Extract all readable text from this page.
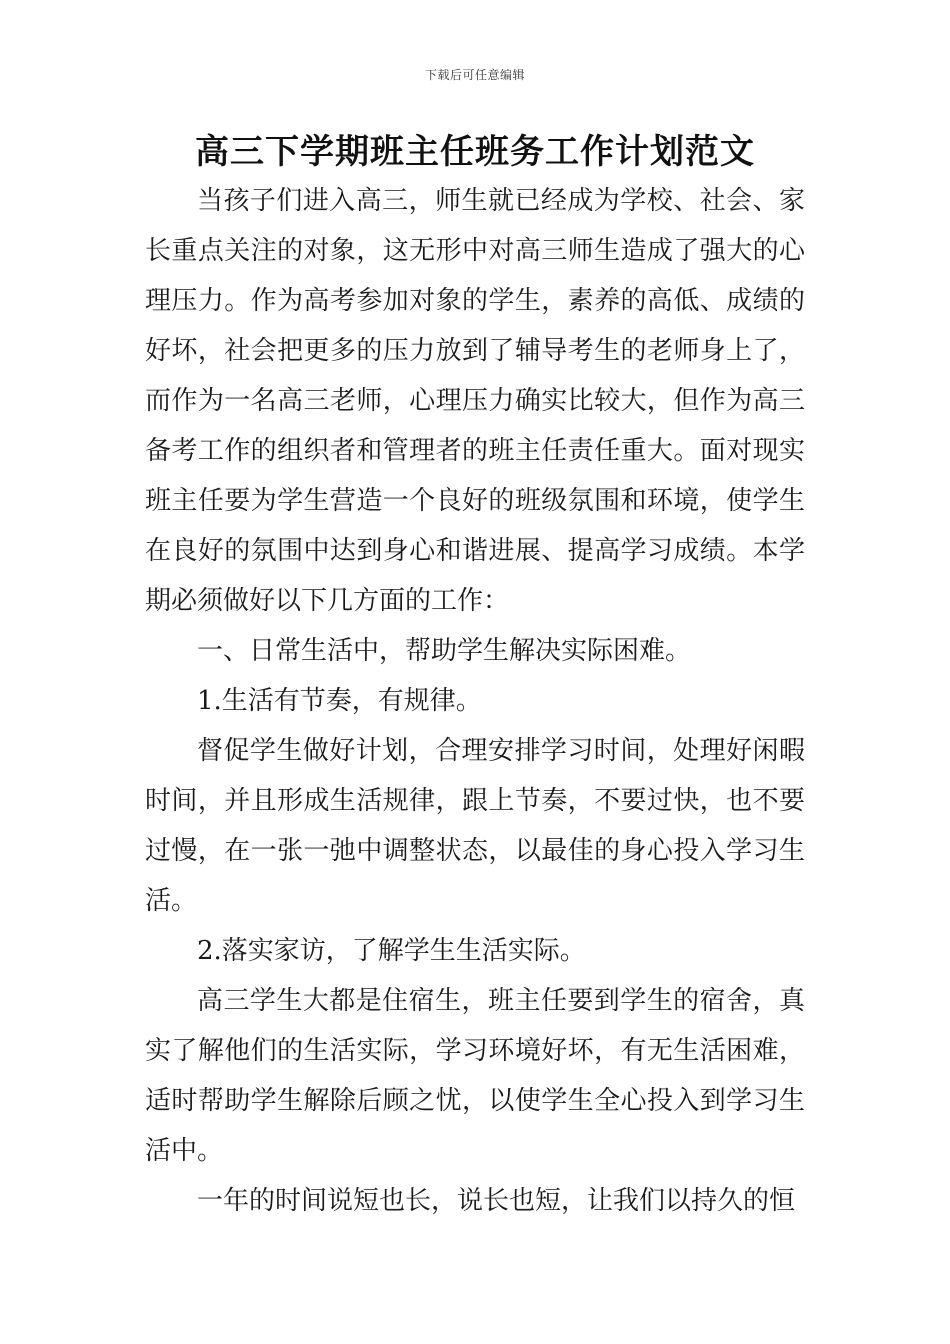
下载后可任意编辑
高三下学期班主任班务工作计划范文

当孩子们进入高三，师生就已经成为学校、社会、家长重点关注的对象，这无形中对高三师生造成了强大的心理压力。作为高考参加对象的学生，素养的高低、成绩的好坏，社会把更多的压力放到了辅导考生的老师身上了，而作为一名高三老师，心理压力确实比较大，但作为高三备考工作的组织者和管理者的班主任责任重大。面对现实班主任要为学生营造一个良好的班级氛围和环境，使学生在良好的氛围中达到身心和谐进展、提高学习成绩。本学期必须做好以下几方面的工作：

一、日常生活中，帮助学生解决实际困难。

1.生活有节奏，有规律。

督促学生做好计划，合理安排学习时间，处理好闲暇时间，并且形成生活规律，跟上节奏，不要过快，也不要过慢，在一张一弛中调整状态，以最佳的身心投入学习生活。

2.落实家访，了解学生生活实际。

高三学生大都是住宿生，班主任要到学生的宿舍，真实了解他们的生活实际，学习环境好坏，有无生活困难，适时帮助学生解除后顾之忧，以使学生全心投入到学习生活中。

一年的时间说短也长，说长也短，让我们以持久的恒
